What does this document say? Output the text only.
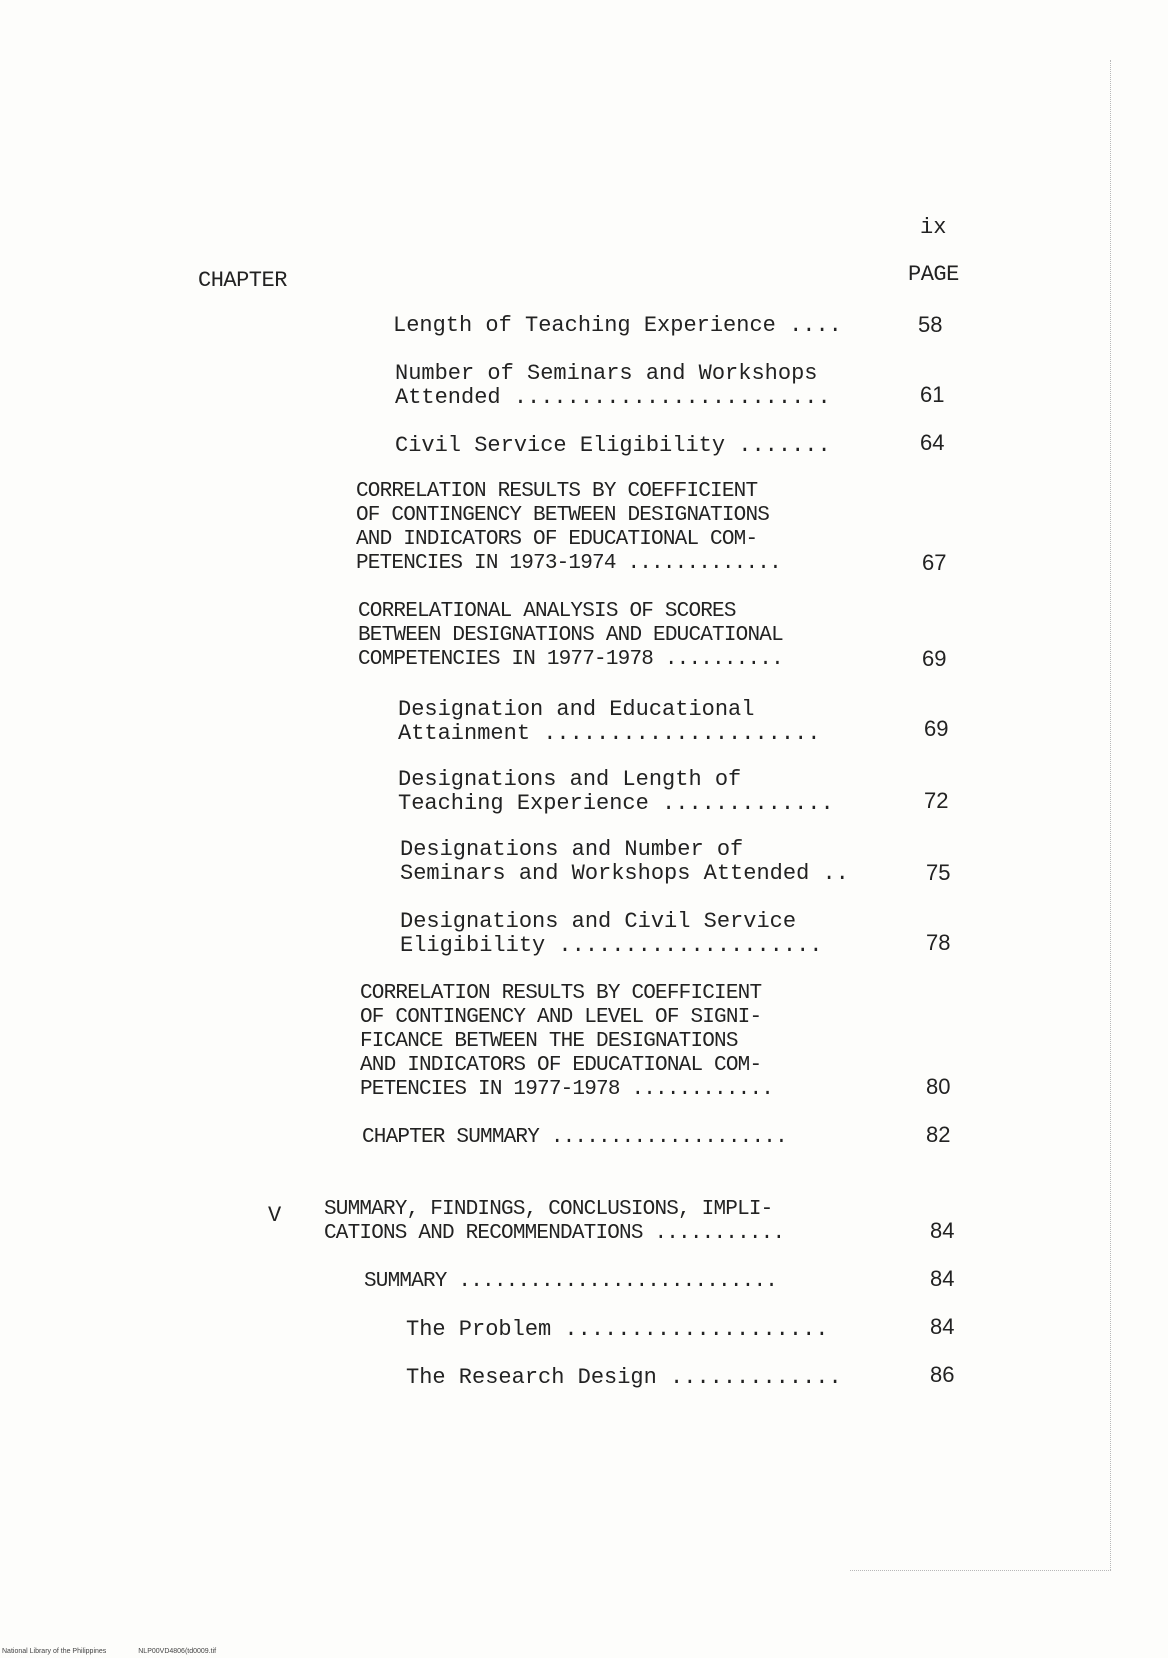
ix
CHAPTER	PAGE
Length of Teaching Experience ....	58
Number of Seminars and Workshops
Attended ........................	61
Civil Service Eligibility .......	64
CORRELATION RESULTS BY COEFFICIENT
OF CONTINGENCY BETWEEN DESIGNATIONS
AND INDICATORS OF EDUCATIONAL COM-
PETENCIES IN 1973-1974 .............	67
CORRELATIONAL ANALYSIS OF SCORES
BETWEEN DESIGNATIONS AND EDUCATIONAL
COMPETENCIES IN 1977-1978 ..........	69
Designation and Educational
Attainment .....................	69
Designations and Length of
Teaching Experience .............	72
Designations and Number of
Seminars and Workshops Attended ..	75
Designations and Civil Service
Eligibility ....................	78
CORRELATION RESULTS BY COEFFICIENT
OF CONTINGENCY AND LEVEL OF SIGNI-
FICANCE BETWEEN THE DESIGNATIONS
AND INDICATORS OF EDUCATIONAL COM-
PETENCIES IN 1977-1978 ............	80
CHAPTER SUMMARY ....................	82
V SUMMARY, FINDINGS, CONCLUSIONS, IMPLI-
CATIONS AND RECOMMENDATIONS ...........	84
SUMMARY ...........................	84
The Problem ....................	84
The Research Design .............	86
National Library of the Philippines	NLP00VD4806(td0009.tif
